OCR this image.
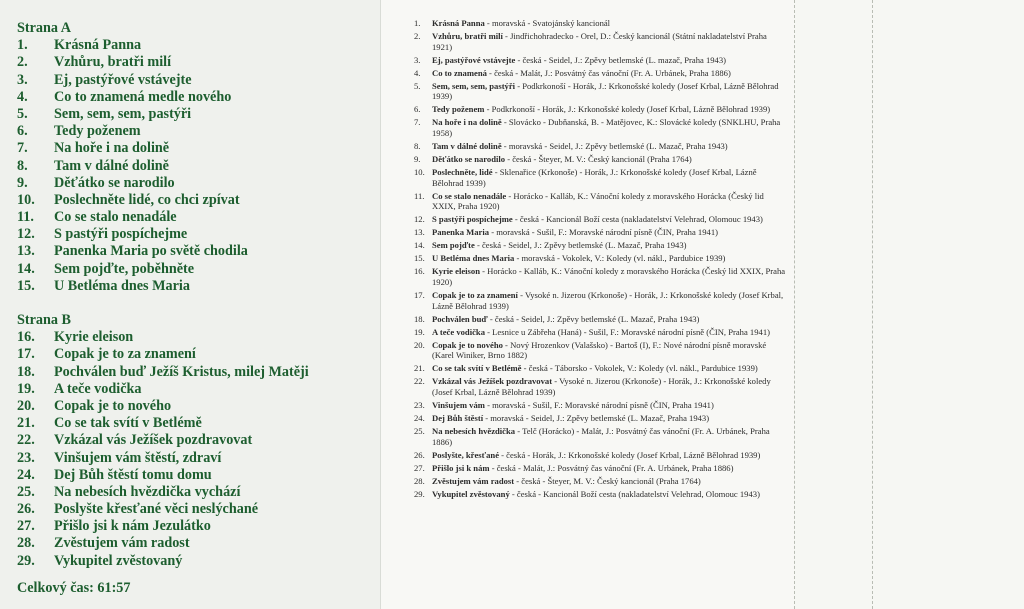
Strana A
1. Krásná Panna
2. Vzhůru, bratři milí
3. Ej, pastýřové vstávejte
4. Co to znamená medle nového
5. Sem, sem, sem, pastýři
6. Tedy poženem
7. Na hoře i na dolině
8. Tam v dálné dolině
9. Děťátko se narodilo
10. Poslechněte lidé, co chci zpívat
11. Co se stalo nenadále
12. S pastýři pospíchejme
13. Panenka Maria po světě chodila
14. Sem pojďte, poběhněte
15. U Betléma dnes Maria
Strana B
16. Kyrie eleison
17. Copak je to za znamení
18. Pochválen buď Ježíš Kristus, milej Matěji
19. A teče vodička
20. Copak je to nového
21. Co se tak svítí v Betlémě
22. Vzkázal vás Ježíšek pozdravovat
23. Vinšujem vám štěstí, zdraví
24. Dej Bůh štěstí tomu domu
25. Na nebesích hvězdička vychází
26. Poslyšte křesťané věci neslýchané
27. Přišlo jsi k nám Jezulátko
28. Zvěstujem vám radost
29. Vykupitel zvěstovaný
Celkový čas: 61:57
1. Krásná Panna - moravská - Svatojánský kancionál
2. Vzhůru, bratři milí - Jindřichohradecko - Orel, D.: Český kancionál (Státní nakladatelství Praha 1921)
3. Ej, pastýřové vstávejte - česká - Seidel, J.: Zpěvy betlemské (L. mazač, Praha 1943)
4. Co to znamená - česká - Malát, J.: Posvátný čas vánoční (Fr. A. Urbánek, Praha 1886)
5. Sem, sem, sem, pastýři - Podkrkonoší - Horák, J.: Krkonošské koledy (Josef Krbal, Lázně Bělohrad 1939)
6. Tedy poženem - Podkrkonoší - Horák, J.: Krkonošské koledy (Josef Krbal, Lázně Bělohrad 1939)
7. Na hoře i na dolině - Slovácko - Dubňanská, B. - Matějovec, K.: Slovácké koledy (SNKLHU, Praha 1958)
8. Tam v dálné dolině - moravská - Seidel, J.: Zpěvy betlemské (L. Mazač, Praha 1943)
9. Děťátko se narodilo - česká - Šteyer, M. V.: Český kancionál (Praha 1764)
10. Poslechněte, lidé - Sklenařice (Krkonoše) - Horák, J.: Krkonošské koledy (Josef Krbal, Lázně Bělohrad 1939)
11. Co se stalo nenadále - Horácko - Kalláb, K.: Vánoční koledy z moravského Horácka (Český lid XXIX, Praha 1920)
12. S pastýři pospíchejme - česká - Kancionál Boží cesta (nakladatelství Velehrad, Olomouc 1943)
13. Panenka Maria - moravská - Sušil, F.: Moravské národní písně (ČIN, Praha 1941)
14. Sem pojďte - česká - Seidel, J.: Zpěvy betlemské (L. Mazač, Praha 1943)
15. U Betléma dnes Maria - moravská - Vokolek, V.: Koledy (vl. nákl., Pardubice 1939)
16. Kyrie eleison - Horácko - Kalláb, K.: Vánoční koledy z moravského Horácka (Český lid XXIX, Praha 1920)
17. Copak je to za znamení - Vysoké n. Jizerou (Krkonoše) - Horák, J.: Krkonošské koledy (Josef Krbal, Lázně Bělohrad 1939)
18. Pochválen buď - česká - Seidel, J.: Zpěvy betlemské (L. Mazač, Praha 1943)
19. A teče vodička - Lesnice u Zábřeha (Haná) - Sušil, F.: Moravské národní písně (ČIN, Praha 1941)
20. Copak je to nového - Nový Hrozenkov (Valašsko) - Bartoš (I), F.: Nové národní písně moravské (Karel Winiker, Brno 1882)
21. Co se tak svítí v Betlémě - česká - Táborsko - Vokolek, V.: Koledy (vl. nákl., Pardubice 1939)
22. Vzkázal vás Ježíšek pozdravovat - Vysoké n. Jizerou (Krkonoše) - Horák, J.: Krkonošské koledy (Josef Krbal, Lázně Bělohrad 1939)
23. Vinšujem vám - moravská - Sušil, F.: Moravské národní písně (ČIN, Praha 1941)
24. Dej Bůh štěstí - moravská - Seidel, J.: Zpěvy betlemské (L. Mazač, Praha 1943)
25. Na nebesích hvězdička - Telč (Horácko) - Malát, J.: Posvátný čas vánoční (Fr. A. Urbánek, Praha 1886)
26. Poslyšte, křesťané - česká - Horák, J.: Krkonošské koledy (Josef Krbal, Lázně Bělohrad 1939)
27. Přišlo jsi k nám - česká - Malát, J.: Posvátný čas vánoční (Fr. A. Urbánek, Praha 1886)
28. Zvěstujem vám radost - česká - Šteyer, M. V.: Český kancionál (Praha 1764)
29. Vykupitel zvěstovaný - česká - Kancionál Boží cesta (nakladatelství Velehrad, Olomouc 1943)
